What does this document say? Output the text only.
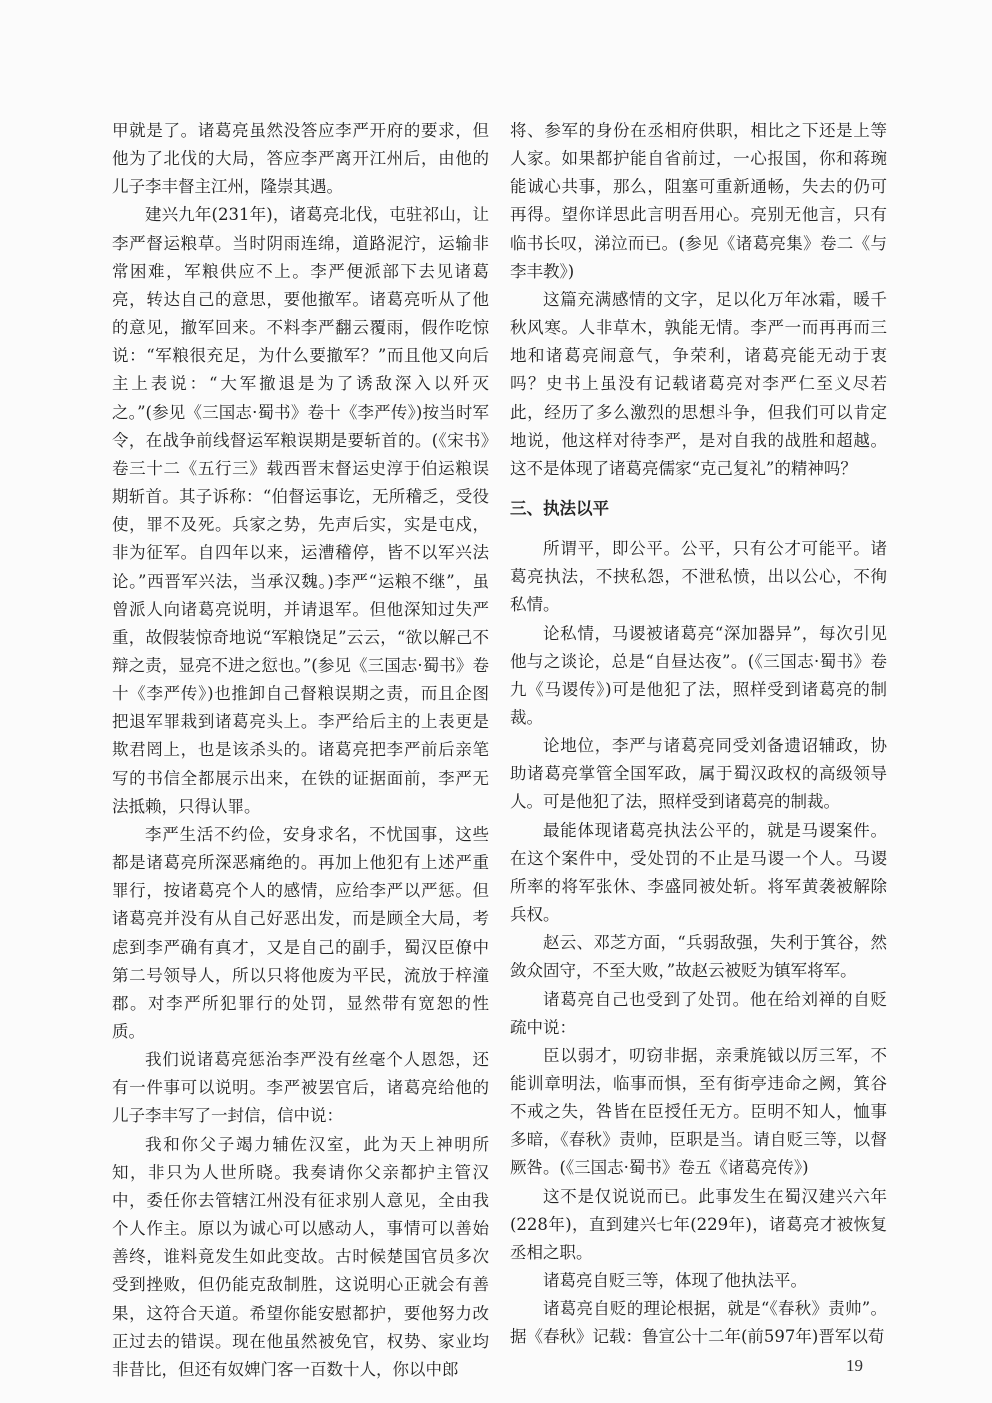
甲就是了。诸葛亮虽然没答应李严开府的要求，但他为了北伐的大局，答应李严离开江州后，由他的儿子李丰督主江州，隆崇其遇。

建兴九年(231年)，诸葛亮北伐，屯驻祁山，让李严督运粮草。当时阴雨连绵，道路泥泞，运输非常困难，军粮供应不上。李严便派部下去见诸葛亮，转达自己的意思，要他撤军。诸葛亮听从了他的意见，撤军回来。不料李严翻云覆雨，假作吃惊说：“军粮很充足，为什么要撤军？”而且他又向后主上表说：“大军撤退是为了诱敌深入以歼灭之。”(参见《三国志·蜀书》卷十《李严传》)按当时军令，在战争前线督运军粮误期是要斩首的。(《宋书》卷三十二《五行三》载西晋末督运史淳于伯运粮误期斩首。其子诉称：“伯督运事讫，无所稽乏，受役使，罪不及死。兵家之势，先声后实，实是屯戍，非为征军。自四年以来，运漕稽停，皆不以军兴法论。”西晋军兴法，当承汉魏。)李严“运粮不继”，虽曾派人向诸葛亮说明，并请退军。但他深知过失严重，故假装惊奇地说“军粮饶足”云云，“欲以解己不辩之责，显亮不进之愆也。”(参见《三国志·蜀书》卷十《李严传》)也推卸自己督粮误期之责，而且企图把退军罪栽到诸葛亮头上。李严给后主的上表更是欺君罔上，也是该杀头的。诸葛亮把李严前后亲笔写的书信全都展示出来，在铁的证据面前，李严无法抵赖，只得认罪。

李严生活不约俭，安身求名，不忧国事，这些都是诸葛亮所深恶痛绝的。再加上他犯有上述严重罪行，按诸葛亮个人的感情，应给李严以严惩。但诸葛亮并没有从自己好恶出发，而是顾全大局，考虑到李严确有真才，又是自己的副手，蜀汉臣僚中第二号领导人，所以只将他废为平民，流放于梓潼郡。对李严所犯罪行的处罚，显然带有宽恕的性质。

我们说诸葛亮惩治李严没有丝毫个人恩怨，还有一件事可以说明。李严被罢官后，诸葛亮给他的儿子李丰写了一封信，信中说：

我和你父子竭力辅佐汉室，此为天上神明所知，非只为人世所晓。我奏请你父亲都护主管汉中，委任你去管辖江州没有征求别人意见，全由我个人作主。原以为诚心可以感动人，事情可以善始善终，谁料竟发生如此变故。古时候楚国官员多次受到挫败，但仍能克敌制胜，这说明心正就会有善果，这符合天道。希望你能安慰都护，要他努力改正过去的错误。现在他虽然被免官，权势、家业均非昔比，但还有奴婢门客一百数十人，你以中郎

将、参军的身份在丞相府供职，相比之下还是上等人家。如果都护能自省前过，一心报国，你和蒋琬能诚心共事，那么，阻塞可重新通畅，失去的仍可再得。望你详思此言明吾用心。亮别无他言，只有临书长叹，涕泣而已。(参见《诸葛亮集》卷二《与李丰教》)

这篇充满感情的文字，足以化万年冰霜，暖千秋风寒。人非草木，孰能无情。李严一而再再而三地和诸葛亮闹意气，争荣利，诸葛亮能无动于衷吗？史书上虽没有记载诸葛亮对李严仁至义尽若此，经历了多么激烈的思想斗争，但我们可以肯定地说，他这样对待李严，是对自我的战胜和超越。这不是体现了诸葛亮儒家“克己复礼”的精神吗？

三、执法以平

所谓平，即公平。公平，只有公才可能平。诸葛亮执法，不挟私怨，不泄私愤，出以公心，不徇私情。

论私情，马谡被诸葛亮“深加器异”，每次引见他与之谈论，总是“自昼达夜”。(《三国志·蜀书》卷九《马谡传》)可是他犯了法，照样受到诸葛亮的制裁。

论地位，李严与诸葛亮同受刘备遗诏辅政，协助诸葛亮掌管全国军政，属于蜀汉政权的高级领导人。可是他犯了法，照样受到诸葛亮的制裁。

最能体现诸葛亮执法公平的，就是马谡案件。在这个案件中，受处罚的不止是马谡一个人。马谡所率的将军张休、李盛同被处斩。将军黄袭被解除兵权。

赵云、邓芝方面，“兵弱敌强，失利于箕谷，然敛众固守，不至大败，”故赵云被贬为镇军将军。

诸葛亮自己也受到了处罚。他在给刘禅的自贬疏中说：

臣以弱才，叨窃非据，亲秉旄钺以厉三军，不能训章明法，临事而惧，至有街亭违命之阙，箕谷不戒之失，咎皆在臣授任无方。臣明不知人，恤事多暗，《春秋》责帅，臣职是当。请自贬三等，以督厥咎。(《三国志·蜀书》卷五《诸葛亮传》)

这不是仅说说而已。此事发生在蜀汉建兴六年(228年)，直到建兴七年(229年)，诸葛亮才被恢复丞相之职。

诸葛亮自贬三等，体现了他执法平。

诸葛亮自贬的理论根据，就是“《春秋》责帅”。据《春秋》记载：鲁宣公十二年(前597年)晋军以荀

19
